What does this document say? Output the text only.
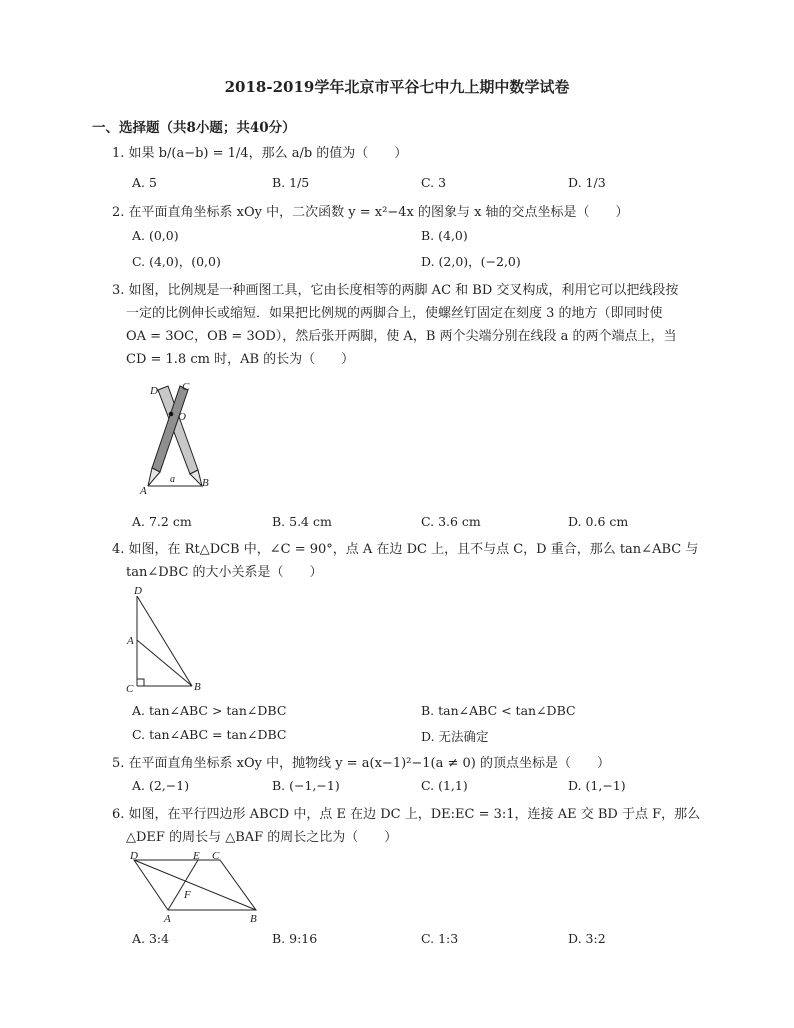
2018-2019学年北京市平谷七中九上期中数学试卷
一、选择题（共8小题；共40分）
1. 如果 b/(a−b) = 1/4，那么 a/b 的值为（　　）
A. 5	B. 1/5	C. 3	D. 1/3
2. 在平面直角坐标系 xOy 中，二次函数 y = x²−4x 的图象与 x 轴的交点坐标是（　　）
A. (0,0)	B. (4,0)
C. (4,0)，(0,0)	D. (2,0)，(−2,0)
3. 如图，比例规是一种画图工具，它由长度相等的两脚 AC 和 BD 交叉构成，利用它可以把线段按
一定的比例伸长或缩短．如果把比例规的两脚合上，使螺丝钉固定在刻度 3 的地方（即同时使
OA = 3OC，OB = 3OD），然后张开两脚，使 A，B 两个尖端分别在线段 a 的两个端点上，当
CD = 1.8 cm 时，AB 的长为（　　）
D C
O
a
A
B
A. 7.2 cm	B. 5.4 cm	C. 3.6 cm	D. 0.6 cm
4. 如图，在 Rt△DCB 中，∠C = 90°，点 A 在边 DC 上，且不与点 C，D 重合，那么 tan∠ABC 与
tan∠DBC 的大小关系是（　　）
D
A
C	B
A. tan∠ABC > tan∠DBC	B. tan∠ABC < tan∠DBC
C. tan∠ABC = tan∠DBC	D. 无法确定
5. 在平面直角坐标系 xOy 中，抛物线 y = a(x−1)²−1(a ≠ 0) 的顶点坐标是（　　）
A. (2,−1)	B. (−1,−1)	C. (1,1)	D. (1,−1)
6. 如图，在平行四边形 ABCD 中，点 E 在边 DC 上，DE:EC = 3:1，连接 AE 交 BD 于点 F，那么
△DEF 的周长与 △BAF 的周长之比为（　　）
D	E C
F
A	B
A. 3:4	B. 9:16	C. 1:3	D. 3:2
